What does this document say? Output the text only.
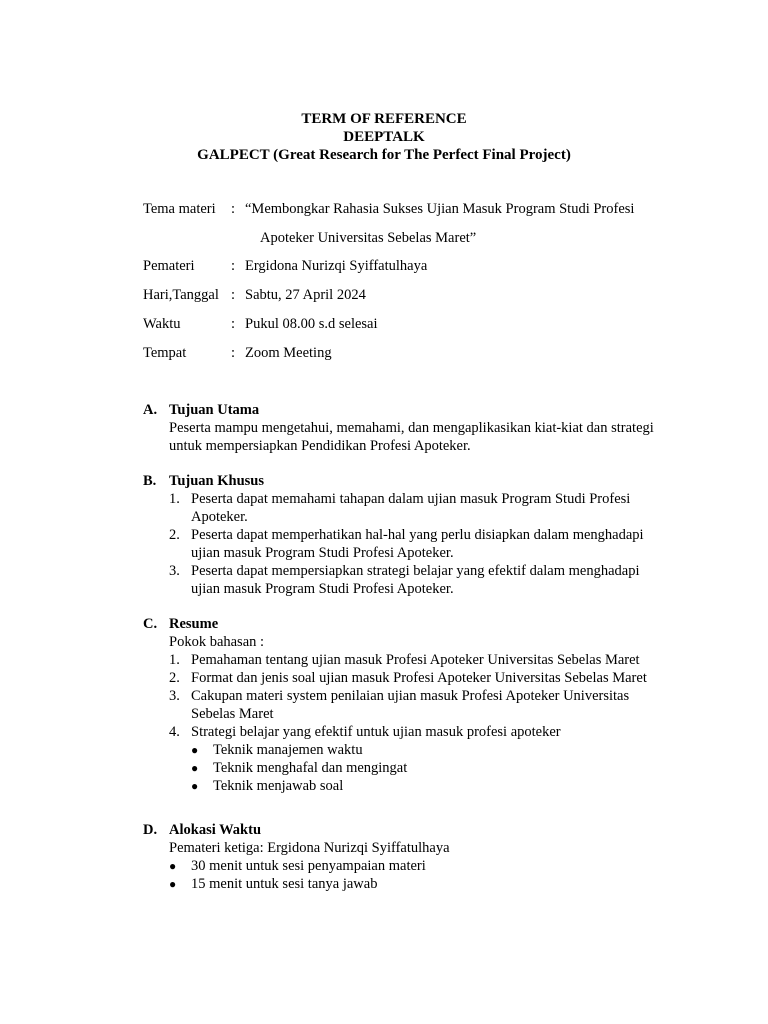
TERM OF REFERENCE
DEEPTALK
GALPECT (Great Research for The Perfect Final Project)
Tema materi	: “Membongkar Rahasia Sukses Ujian Masuk Program Studi Profesi
Apoteker Universitas Sebelas Maret”
Pemateri	: Ergidona Nurizqi Syiffatulhaya
Hari,Tanggal : Sabtu, 27 April 2024
Waktu	: Pukul 08.00 s.d selesai
Tempat	: Zoom Meeting
A. Tujuan Utama
Peserta mampu mengetahui, memahami, dan mengaplikasikan kiat-kiat dan strategi untuk mempersiapkan Pendidikan Profesi Apoteker.
B. Tujuan Khusus
1. Peserta dapat memahami tahapan dalam ujian masuk Program Studi Profesi Apoteker.
2. Peserta dapat memperhatikan hal-hal yang perlu disiapkan dalam menghadapi ujian masuk Program Studi Profesi Apoteker.
3. Peserta dapat mempersiapkan strategi belajar yang efektif dalam menghadapi ujian masuk Program Studi Profesi Apoteker.
C. Resume
Pokok bahasan :
1. Pemahaman tentang ujian masuk Profesi Apoteker Universitas Sebelas Maret
2. Format dan jenis soal ujian masuk Profesi Apoteker Universitas Sebelas Maret
3. Cakupan materi system penilaian ujian masuk Profesi Apoteker Universitas Sebelas Maret
4. Strategi belajar yang efektif untuk ujian masuk profesi apoteker
●	Teknik manajemen waktu
●	Teknik menghafal dan mengingat
●	Teknik menjawab soal
D. Alokasi Waktu
Pemateri ketiga: Ergidona Nurizqi Syiffatulhaya
●	30 menit untuk sesi penyampaian materi
●	15 menit untuk sesi tanya jawab
